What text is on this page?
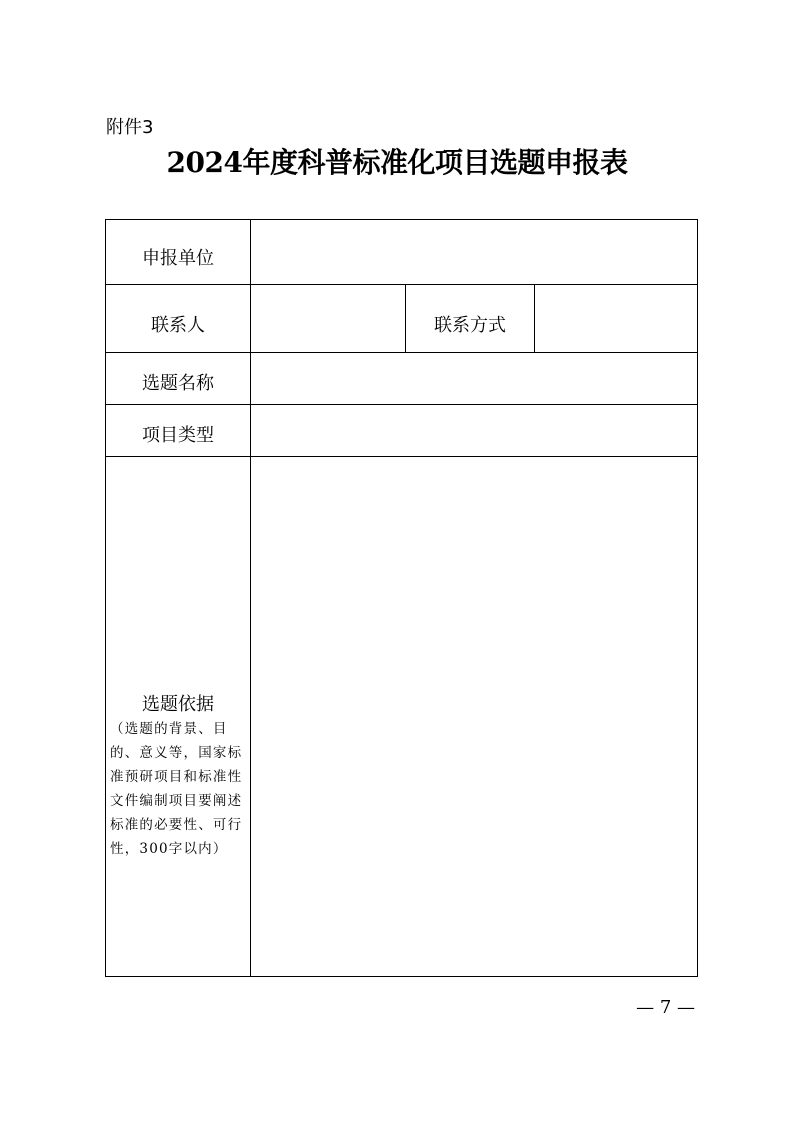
附件3
2024年度科普标准化项目选题申报表
申报单位			
联系人		联系方式	
选题名称			
项目类型			

选题依据
（选题的背景、目的、意义等，国家标准预研项目和标准性文件编制项目要阐述标准的必要性、可行性，300字以内）			

— 7 —
